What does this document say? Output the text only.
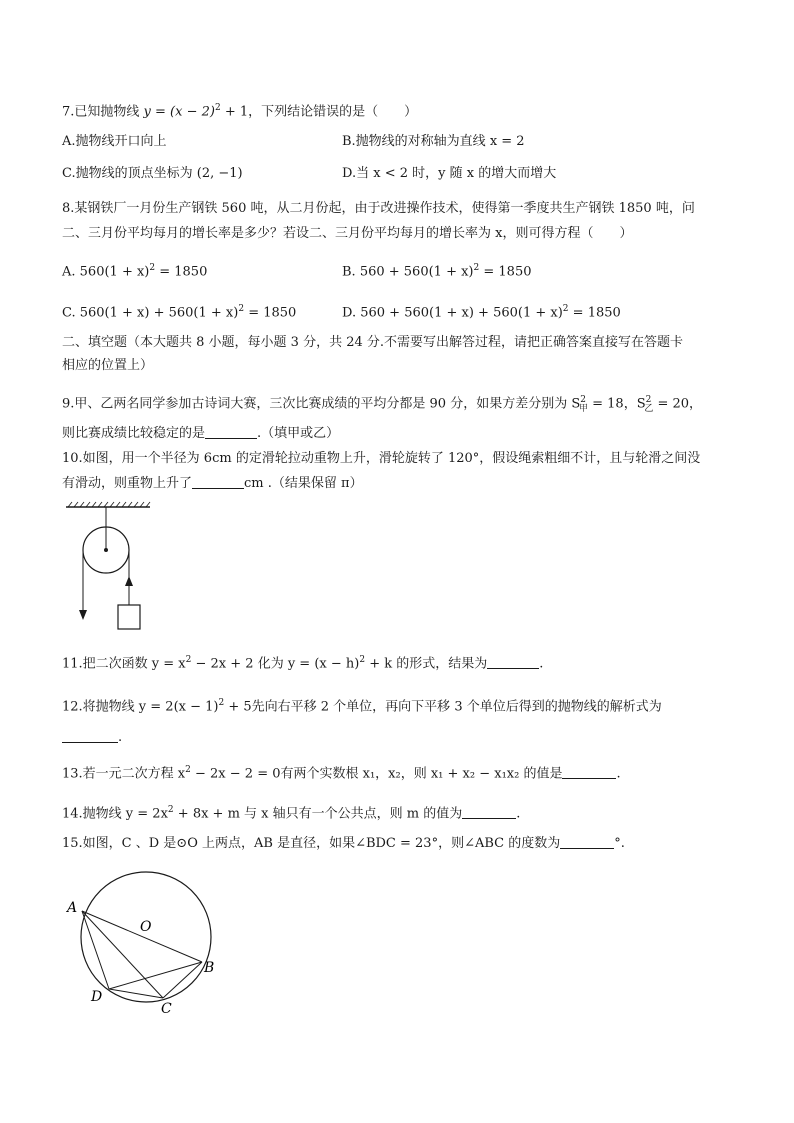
7.已知抛物线 $y = (x - 2)^2 + 1$，下列结论错误的是（　　）
A.抛物线开口向上	B.抛物线的对称轴为直线 x = 2
C.抛物线的顶点坐标为 (2, −1)	D.当 x < 2 时，y 随 x 的增大而增大
8.某钢铁厂一月份生产钢铁 560 吨，从二月份起，由于改进操作技术，使得第一季度共生产钢铁 1850 吨，问
二、三月份平均每月的增长率是多少？若设二、三月份平均每月的增长率为 x，则可得方程（　　）
A. $560(1 + x)^2 = 1850$	B. $560 + 560(1 + x)^2 = 1850$
C. $560(1 + x) + 560(1 + x)^2 = 1850$	D. $560 + 560(1 + x) + 560(1 + x)^2 = 1850$
二、填空题（本大题共 8 小题，每小题 3 分，共 24 分.不需要写出解答过程，请把正确答案直接写在答题卡
相应的位置上）
9.甲、乙两名同学参加古诗词大赛，三次比赛成绩的平均分都是 90 分，如果方差分别为 $S^2_甲 = 18$，$S^2_乙 = 20$，
则比赛成绩比较稳定的是	.（填甲或乙）
10.如图，用一个半径为 6cm 的定滑轮拉动重物上升，滑轮旋转了 120°，假设绳索粗细不计，且与轮滑之间没
有滑动，则重物上升了	cm .（结果保留 π）
11.把二次函数 $y = x^2 - 2x + 2$ 化为 $y = (x - h)^2 + k$ 的形式，结果为	.
12.将抛物线 $y = 2(x - 1)^2 + 5$先向右平移 2 个单位，再向下平移 3 个单位后得到的抛物线的解析式为
.
13.若一元二次方程 $x^2 - 2x - 2 = 0$有两个实数根 x₁，x₂，则 x₁ + x₂ − x₁x₂ 的值是	.
14.抛物线 $y = 2x^2 + 8x + m$ 与 x 轴只有一个公共点，则 m 的值为	.
15.如图，C 、D 是⊙O 上两点，AB 是直径，如果∠BDC = 23°，则∠ABC 的度数为	°.
A
O
B
D
C
